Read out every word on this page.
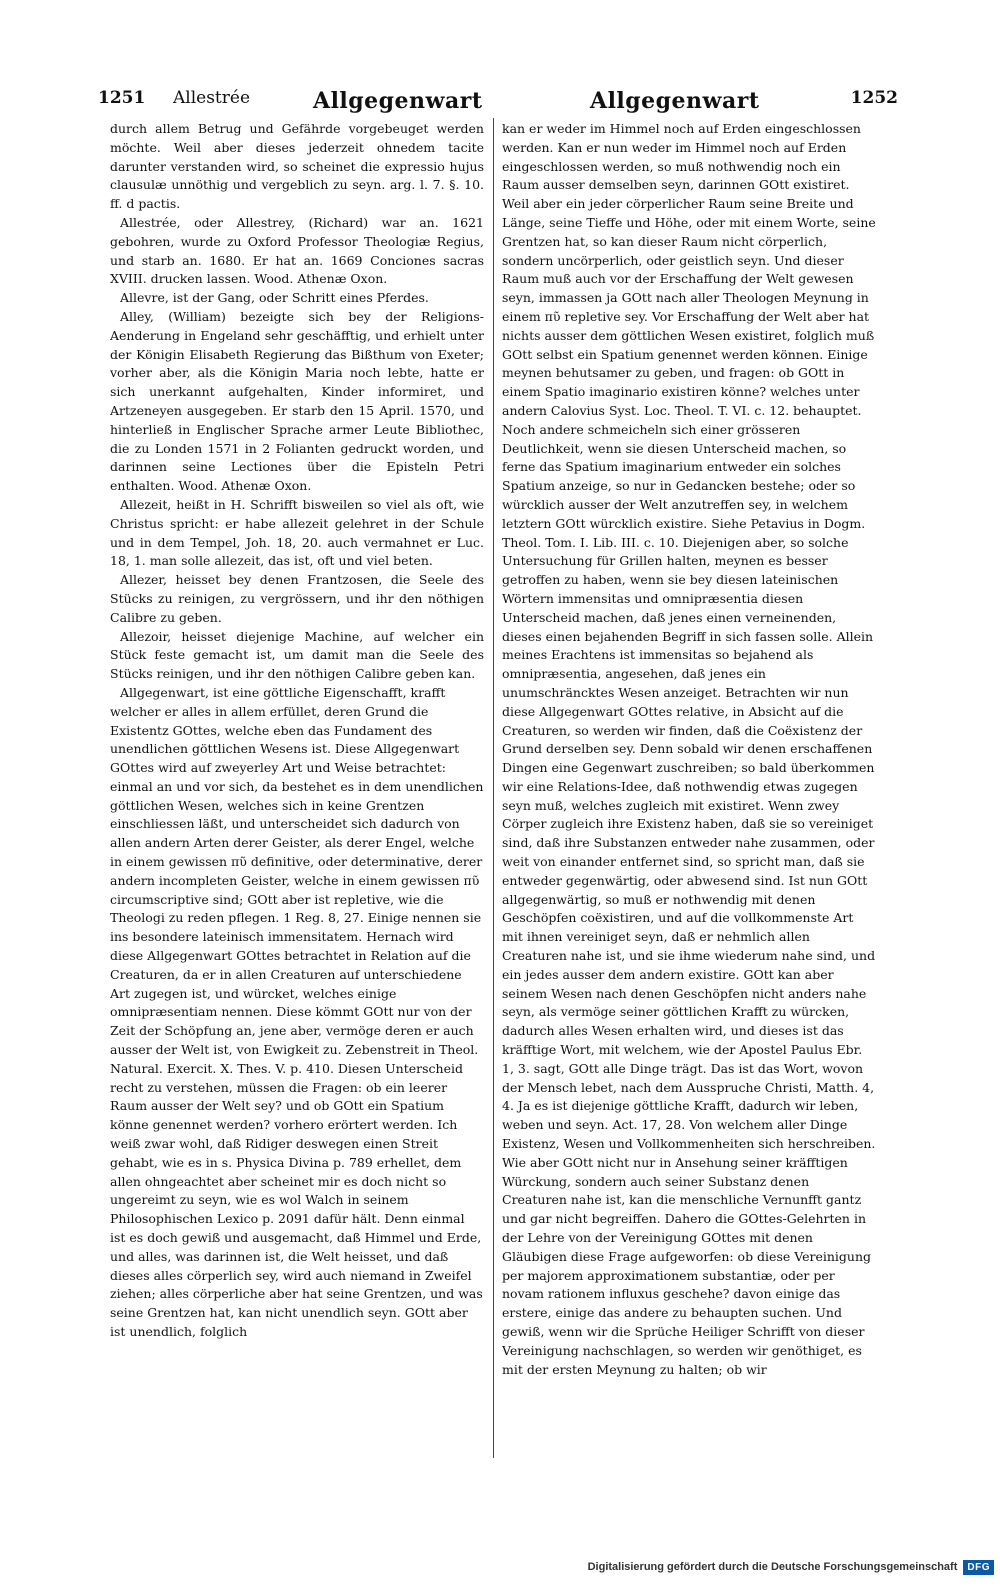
1251 Allestrée	Allgegenwart	Allgegenwart	1252

durch allem Betrug und Gefährde vorgebeuget werden möchte. Weil aber dieses jederzeit ohnedem tacite darunter verstanden wird, so scheinet die expressio hujus clausulæ unnöthig und vergeblich zu seyn. arg. l. 7. §. 10. ff. d pactis.

Allestrée, oder Allestrey, (Richard) war an. 1621 gebohren, wurde zu Oxford Professor Theologiæ Regius, und starb an. 1680. Er hat an. 1669 Conciones sacras XVIII. drucken lassen. Wood. Athenæ Oxon.

Allevre, ist der Gang, oder Schritt eines Pferdes.

Alley, (William) bezeigte sich bey der Religions-Aenderung in Engeland sehr geschäfftig, und erhielt unter der Königin Elisabeth Regierung das Bißthum von Exeter; vorher aber, als die Königin Maria noch lebte, hatte er sich unerkannt aufgehalten, Kinder informiret, und Artzeneyen ausgegeben. Er starb den 15 April. 1570, und hinterließ in Englischer Sprache armer Leute Bibliothec, die zu Londen 1571 in 2 Folianten gedruckt worden, und darinnen seine Lectiones über die Episteln Petri enthalten. Wood. Athenæ Oxon.

Allezeit, heißt in H. Schrifft bisweilen so viel als oft, wie Christus spricht: er habe allezeit gelehret in der Schule und in dem Tempel, Joh. 18, 20. auch vermahnet er Luc. 18, 1. man solle allezeit, das ist, oft und viel beten.

Allezer, heisset bey denen Frantzosen, die Seele des Stücks zu reinigen, zu vergrössern, und ihr den nöthigen Calibre zu geben.

Allezoir, heisset diejenige Machine, auf welcher ein Stück feste gemacht ist, um damit man die Seele des Stücks reinigen, und ihr den nöthigen Calibre geben kan.

Allgegenwart, ist eine göttliche Eigenschafft, krafft welcher er alles in allem erfüllet, deren Grund die Existentz GOttes, welche eben das Fundament des unendlichen göttlichen Wesens ist. Diese Allgegenwart GOttes wird auf zweyerley Art und Weise betrachtet: einmal an und vor sich, da bestehet es in dem unendlichen göttlichen Wesen, welches sich in keine Grentzen einschliessen läßt, und unterscheidet sich dadurch von allen andern Arten derer Geister, als derer Engel, welche in einem gewissen πῦ definitive, oder determinative, derer andern incompleten Geister, welche in einem gewissen πῦ circumscriptive sind; GOtt aber ist repletive, wie die Theologi zu reden pflegen. 1 Reg. 8, 27. Einige nennen sie ins besondere lateinisch immensitatem. Hernach wird diese Allgegenwart GOttes betrachtet in Relation auf die Creaturen, da er in allen Creaturen auf unterschiedene Art zugegen ist, und würcket, welches einige omnipræsentiam nennen. Diese kömmt GOtt nur von der Zeit der Schöpfung an, jene aber, vermöge deren er auch ausser der Welt ist, von Ewigkeit zu. Zebenstreit in Theol. Natural. Exercit. X. Thes. V. p. 410. Diesen Unterscheid recht zu verstehen, müssen die Fragen: ob ein leerer Raum ausser der Welt sey? und ob GOtt ein Spatium könne genennet werden? vorhero erörtert werden. Ich weiß zwar wohl, daß Ridiger deswegen einen Streit gehabt, wie es in s. Physica Divina p. 789 erhellet, dem allen ohngeachtet aber scheinet mir es doch nicht so ungereimt zu seyn, wie es wol Walch in seinem Philosophischen Lexico p. 2091 dafür hält. Denn einmal ist es doch gewiß und ausgemacht, daß Himmel und Erde, und alles, was darinnen ist, die Welt heisset, und daß dieses alles cörperlich sey, wird auch niemand in Zweifel ziehen; alles cörperliche aber hat seine Grentzen, und was seine Grentzen hat, kan nicht unendlich seyn. GOtt aber ist unendlich, folglich

kan er weder im Himmel noch auf Erden eingeschlossen werden. Kan er nun weder im Himmel noch auf Erden eingeschlossen werden, so muß nothwendig noch ein Raum ausser demselben seyn, darinnen GOtt existiret. Weil aber ein jeder cörperlicher Raum seine Breite und Länge, seine Tieffe und Höhe, oder mit einem Worte, seine Grentzen hat, so kan dieser Raum nicht cörperlich, sondern uncörperlich, oder geistlich seyn. Und dieser Raum muß auch vor der Erschaffung der Welt gewesen seyn, immassen ja GOtt nach aller Theologen Meynung in einem πῦ repletive sey. Vor Erschaffung der Welt aber hat nichts ausser dem göttlichen Wesen existiret, folglich muß GOtt selbst ein Spatium genennet werden können. Einige meynen behutsamer zu geben, und fragen: ob GOtt in einem Spatio imaginario existiren könne? welches unter andern Calovius Syst. Loc. Theol. T. VI. c. 12. behauptet. Noch andere schmeicheln sich einer grösseren Deutlichkeit, wenn sie diesen Unterscheid machen, so ferne das Spatium imaginarium entweder ein solches Spatium anzeige, so nur in Gedancken bestehe; oder so würcklich ausser der Welt anzutreffen sey, in welchem letztern GOtt würcklich existire. Siehe Petavius in Dogm. Theol. Tom. I. Lib. III. c. 10. Diejenigen aber, so solche Untersuchung für Grillen halten, meynen es besser getroffen zu haben, wenn sie bey diesen lateinischen Wörtern immensitas und omnipræsentia diesen Unterscheid machen, daß jenes einen verneinenden, dieses einen bejahenden Begriff in sich fassen solle. Allein meines Erachtens ist immensitas so bejahend als omnipræsentia, angesehen, daß jenes ein unumschräncktes Wesen anzeiget. Betrachten wir nun diese Allgegenwart GOttes relative, in Absicht auf die Creaturen, so werden wir finden, daß die Coëxistenz der Grund derselben sey. Denn sobald wir denen erschaffenen Dingen eine Gegenwart zuschreiben; so bald überkommen wir eine Relations-Idee, daß nothwendig etwas zugegen seyn muß, welches zugleich mit existiret. Wenn zwey Cörper zugleich ihre Existenz haben, daß sie so vereiniget sind, daß ihre Substanzen entweder nahe zusammen, oder weit von einander entfernet sind, so spricht man, daß sie entweder gegenwärtig, oder abwesend sind. Ist nun GOtt allgegenwärtig, so muß er nothwendig mit denen Geschöpfen coëxistiren, und auf die vollkommenste Art mit ihnen vereiniget seyn, daß er nehmlich allen Creaturen nahe ist, und sie ihme wiederum nahe sind, und ein jedes ausser dem andern existire. GOtt kan aber seinem Wesen nach denen Geschöpfen nicht anders nahe seyn, als vermöge seiner göttlichen Krafft zu würcken, dadurch alles Wesen erhalten wird, und dieses ist das kräfftige Wort, mit welchem, wie der Apostel Paulus Ebr. 1, 3. sagt, GOtt alle Dinge trägt. Das ist das Wort, wovon der Mensch lebet, nach dem Ausspruche Christi, Matth. 4, 4. Ja es ist diejenige göttliche Krafft, dadurch wir leben, weben und seyn. Act. 17, 28. Von welchem aller Dinge Existenz, Wesen und Vollkommenheiten sich herschreiben. Wie aber GOtt nicht nur in Ansehung seiner kräfftigen Würckung, sondern auch seiner Substanz denen Creaturen nahe ist, kan die menschliche Vernunfft gantz und gar nicht begreiffen. Dahero die GOttes-Gelehrten in der Lehre von der Vereinigung GOttes mit denen Gläubigen diese Frage aufgeworfen: ob diese Vereinigung per majorem approximationem substantiæ, oder per novam rationem influxus geschehe? davon einige das erstere, einige das andere zu behaupten suchen. Und gewiß, wenn wir die Sprüche Heiliger Schrifft von dieser Vereinigung nachschlagen, so werden wir genöthiget, es mit der ersten Meynung zu halten; ob wir

Digitalisierung gefördert durch die Deutsche Forschungsgemeinschaft	DFG
